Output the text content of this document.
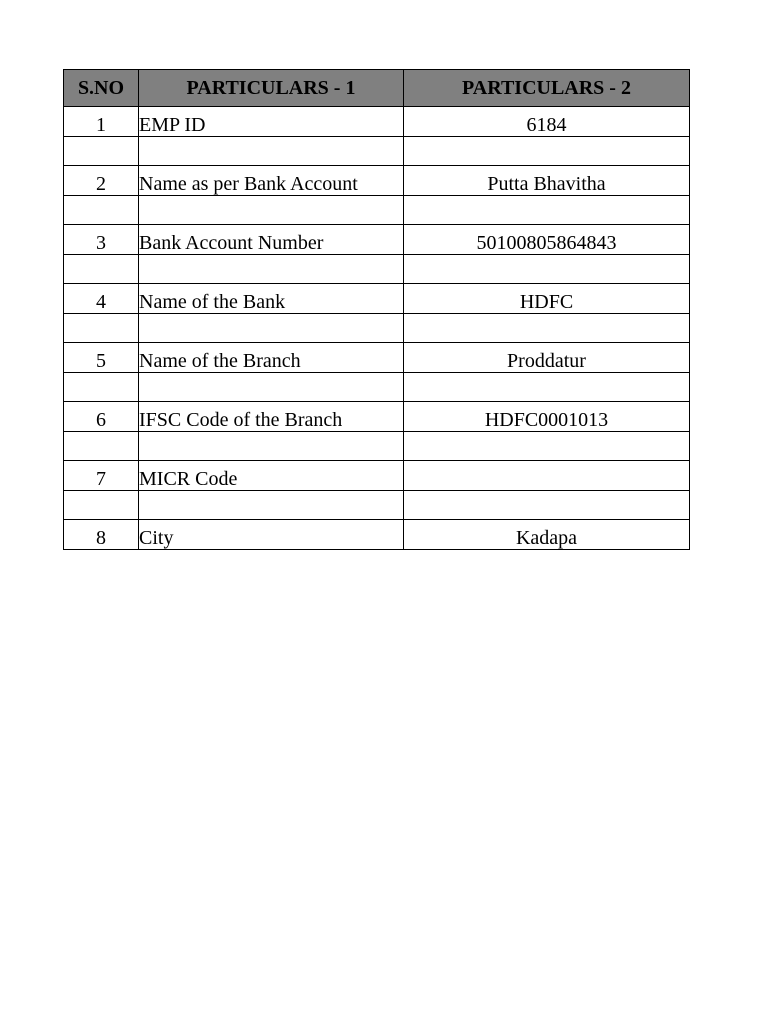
S.NO	PARTICULARS - 1	PARTICULARS - 2
1	EMP ID	6184

2	Name as per Bank Account	Putta Bhavitha

3	Bank Account Number	50100805864843

4	Name of the Bank	HDFC

5	Name of the Branch	Proddatur

6	IFSC Code of the Branch	HDFC0001013

7	MICR Code	

8	City	Kadapa
